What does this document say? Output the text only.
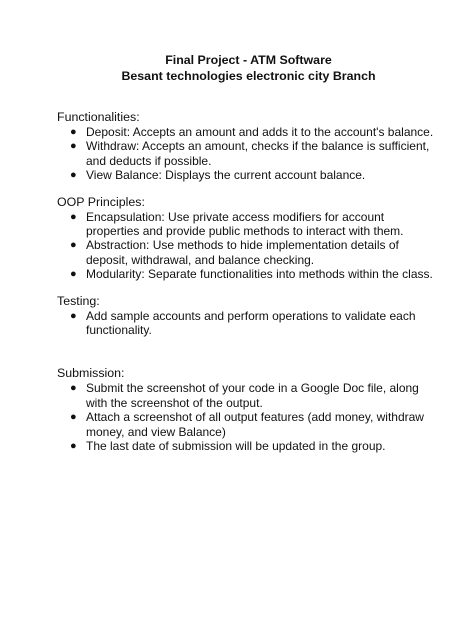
Final Project - ATM Software
Besant technologies electronic city Branch
Functionalities:
● Deposit: Accepts an amount and adds it to the account's balance.
● Withdraw: Accepts an amount, checks if the balance is sufficient, and deducts if possible.
● View Balance: Displays the current account balance.
OOP Principles:
● Encapsulation: Use private access modifiers for account properties and provide public methods to interact with them.
● Abstraction: Use methods to hide implementation details of deposit, withdrawal, and balance checking.
● Modularity: Separate functionalities into methods within the class.
Testing:
● Add sample accounts and perform operations to validate each functionality.
Submission:
● Submit the screenshot of your code in a Google Doc file, along with the screenshot of the output.
● Attach a screenshot of all output features (add money, withdraw money, and view Balance)
● The last date of submission will be updated in the group.
